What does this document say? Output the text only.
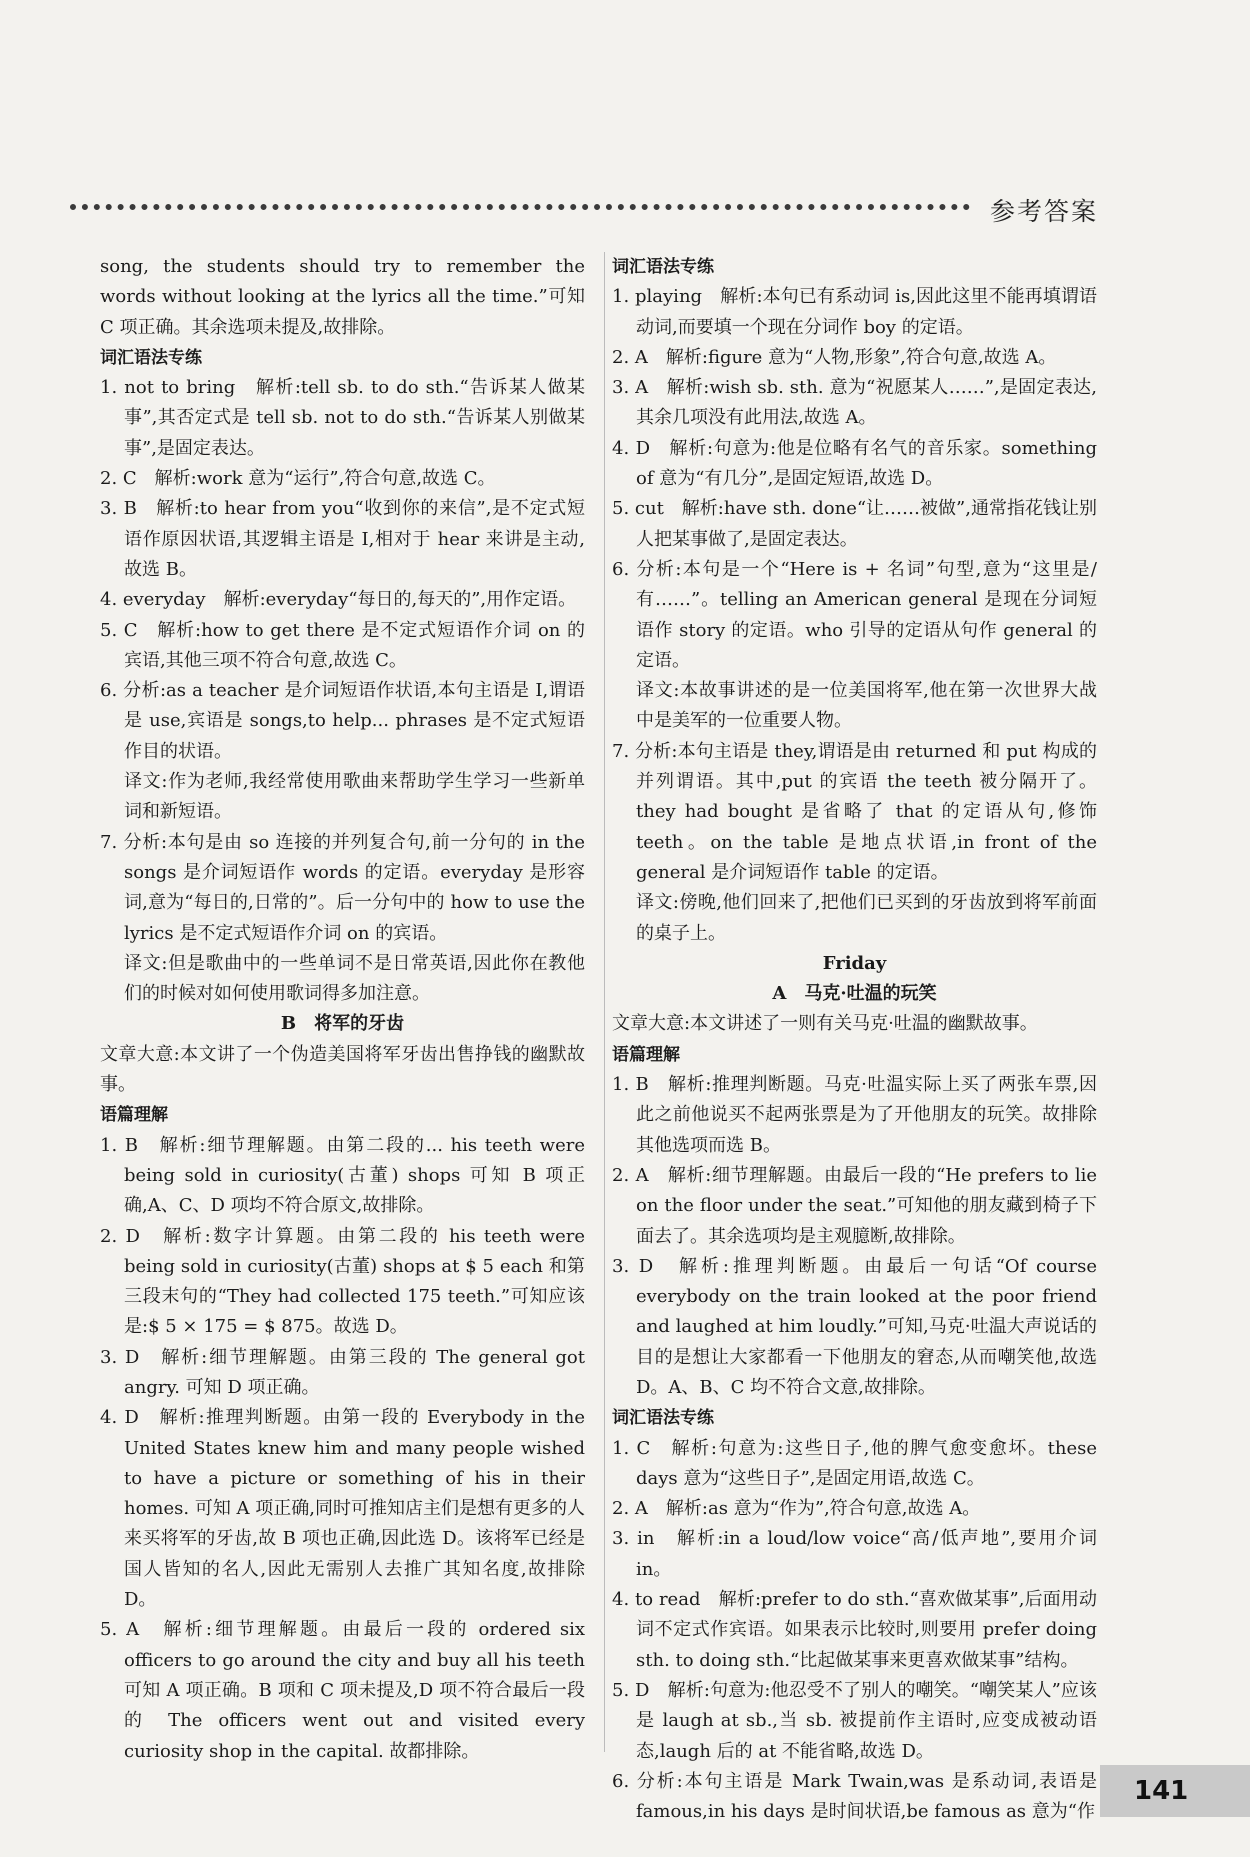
参考答案

song, the students should try to remember the words without looking at the lyrics all the time.”可知 C 项正确。其余选项未提及,故排除。

词汇语法专练

1. not to bring　解析:tell sb. to do sth.“告诉某人做某事”,其否定式是 tell sb. not to do sth.“告诉某人别做某事”,是固定表达。

2. C　解析:work 意为“运行”,符合句意,故选 C。

3. B　解析:to hear from you“收到你的来信”,是不定式短语作原因状语,其逻辑主语是 I,相对于 hear 来讲是主动,故选 B。

4. everyday　解析:everyday“每日的,每天的”,用作定语。

5. C　解析:how to get there 是不定式短语作介词 on 的宾语,其他三项不符合句意,故选 C。

6. 分析:as a teacher 是介词短语作状语,本句主语是 I,谓语是 use,宾语是 songs,to help... phrases 是不定式短语作目的状语。

译文:作为老师,我经常使用歌曲来帮助学生学习一些新单词和新短语。

7. 分析:本句是由 so 连接的并列复合句,前一分句的 in the songs 是介词短语作 words 的定语。everyday 是形容词,意为“每日的,日常的”。后一分句中的 how to use the lyrics 是不定式短语作介词 on 的宾语。

译文:但是歌曲中的一些单词不是日常英语,因此你在教他们的时候对如何使用歌词得多加注意。

B　将军的牙齿

文章大意:本文讲了一个伪造美国将军牙齿出售挣钱的幽默故事。

语篇理解

1. B　解析:细节理解题。由第二段的... his teeth were being sold in curiosity(古董) shops 可知 B 项正确,A、C、D 项均不符合原文,故排除。

2. D　解析:数字计算题。由第二段的 his teeth were being sold in curiosity(古董) shops at $ 5 each 和第三段末句的“They had collected 175 teeth.”可知应该是:$ 5 × 175 = $ 875。故选 D。

3. D　解析:细节理解题。由第三段的 The general got angry. 可知 D 项正确。

4. D　解析:推理判断题。由第一段的 Everybody in the United States knew him and many people wished to have a picture or something of his in their homes. 可知 A 项正确,同时可推知店主们是想有更多的人来买将军的牙齿,故 B 项也正确,因此选 D。该将军已经是国人皆知的名人,因此无需别人去推广其知名度,故排除 D。

5. A　解析:细节理解题。由最后一段的 ordered six officers to go around the city and buy all his teeth 可知 A 项正确。B 项和 C 项未提及,D 项不符合最后一段的 The officers went out and visited every curiosity shop in the capital. 故都排除。

词汇语法专练

1. playing　解析:本句已有系动词 is,因此这里不能再填谓语动词,而要填一个现在分词作 boy 的定语。

2. A　解析:figure 意为“人物,形象”,符合句意,故选 A。

3. A　解析:wish sb. sth. 意为“祝愿某人……”,是固定表达,其余几项没有此用法,故选 A。

4. D　解析:句意为:他是位略有名气的音乐家。something of 意为“有几分”,是固定短语,故选 D。

5. cut　解析:have sth. done“让……被做”,通常指花钱让别人把某事做了,是固定表达。

6. 分析:本句是一个“Here is + 名词”句型,意为“这里是/有……”。telling an American general 是现在分词短语作 story 的定语。who 引导的定语从句作 general 的定语。

译文:本故事讲述的是一位美国将军,他在第一次世界大战中是美军的一位重要人物。

7. 分析:本句主语是 they,谓语是由 returned 和 put 构成的并列谓语。其中,put 的宾语 the teeth 被分隔开了。they had bought 是省略了 that 的定语从句,修饰 teeth。on the table 是地点状语,in front of the general 是介词短语作 table 的定语。

译文:傍晚,他们回来了,把他们已买到的牙齿放到将军前面的桌子上。

Friday

A　马克·吐温的玩笑

文章大意:本文讲述了一则有关马克·吐温的幽默故事。

语篇理解

1. B　解析:推理判断题。马克·吐温实际上买了两张车票,因此之前他说买不起两张票是为了开他朋友的玩笑。故排除其他选项而选 B。

2. A　解析:细节理解题。由最后一段的“He prefers to lie on the floor under the seat.”可知他的朋友藏到椅子下面去了。其余选项均是主观臆断,故排除。

3. D　解析:推理判断题。由最后一句话“Of course everybody on the train looked at the poor friend and laughed at him loudly.”可知,马克·吐温大声说话的目的是想让大家都看一下他朋友的窘态,从而嘲笑他,故选 D。A、B、C 均不符合文意,故排除。

词汇语法专练

1. C　解析:句意为:这些日子,他的脾气愈变愈坏。these days 意为“这些日子”,是固定用语,故选 C。

2. A　解析:as 意为“作为”,符合句意,故选 A。

3. in　解析:in a loud/low voice“高/低声地”,要用介词 in。

4. to read　解析:prefer to do sth.“喜欢做某事”,后面用动词不定式作宾语。如果表示比较时,则要用 prefer doing sth. to doing sth.“比起做某事来更喜欢做某事”结构。

5. D　解析:句意为:他忍受不了别人的嘲笑。“嘲笑某人”应该是 laugh at sb.,当 sb. 被提前作主语时,应变成被动语态,laugh 后的 at 不能省略,故选 D。

6. 分析:本句主语是 Mark Twain,was 是系动词,表语是 famous,in his days 是时间状语,be famous as 意为“作

141
